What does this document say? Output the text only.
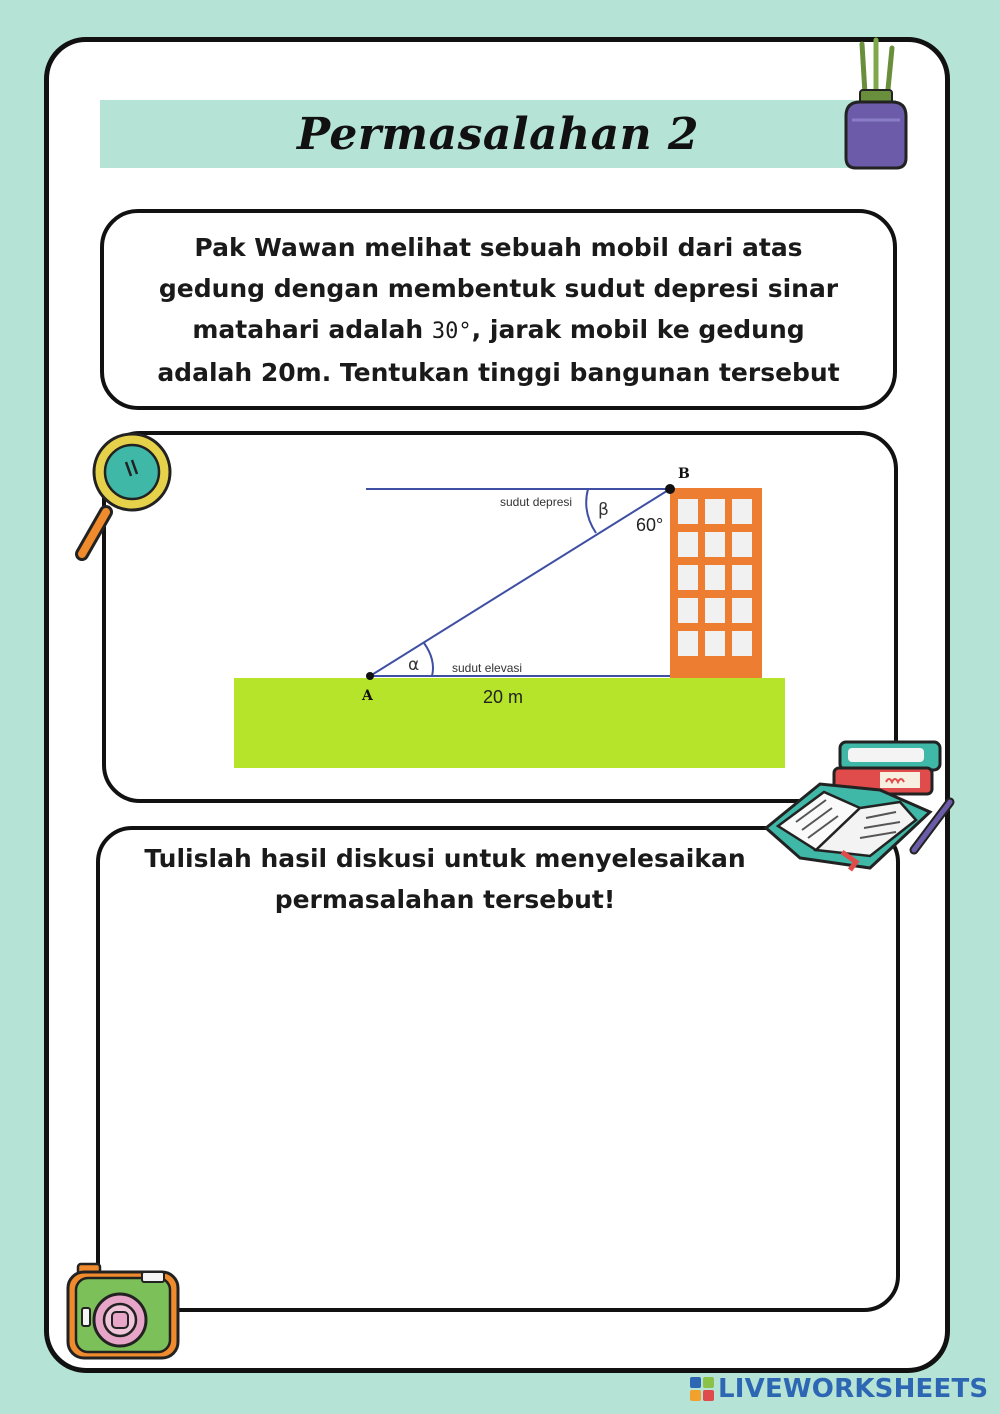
Permasalahan 2
Pak Wawan melihat sebuah mobil dari atas
gedung dengan membentuk sudut depresi sinar
matahari adalah 30°, jarak mobil ke gedung
adalah 20m. Tentukan tinggi bangunan tersebut
B
A
sudut depresi
sudut elevasi
β
α
60°
20 m
Tulislah hasil diskusi untuk menyelesaikan
permasalahan tersebut!
LIVEWORKSHEETS
